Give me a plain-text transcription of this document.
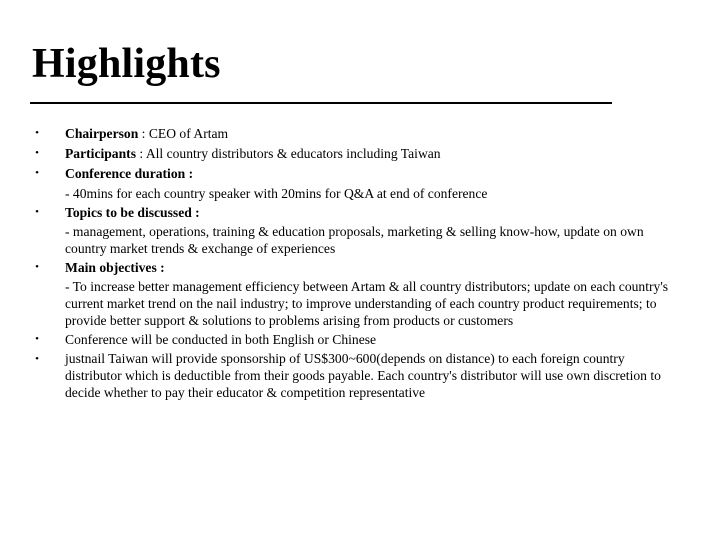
Highlights
• Chairperson : CEO of Artam
• Participants : All country distributors & educators including Taiwan
• Conference duration :
- 40mins for each country speaker with 20mins for Q&A at end of conference
• Topics to be discussed :
- management, operations, training & education proposals, marketing & selling know-how, update on own country market trends & exchange of experiences
• Main objectives :
- To increase better management efficiency between Artam & all country distributors; update on each country's current market trend on the nail industry; to improve understanding of each country product requirements; to provide better support & solutions to problems arising from products or customers
• Conference will be conducted in both English or Chinese
• justnail Taiwan will provide sponsorship of US$300~600(depends on distance) to each foreign country distributor which is deductible from their goods payable. Each country's distributor will use own discretion to decide whether to pay their educator & competition representative
